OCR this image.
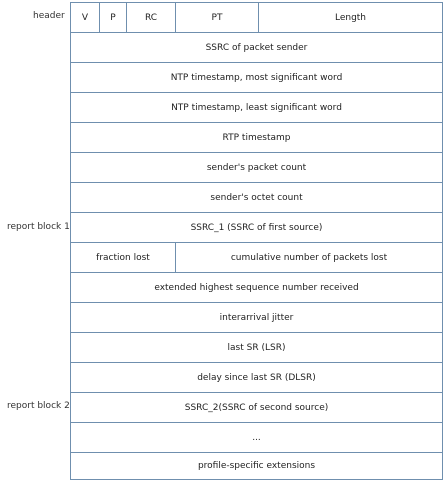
header
report block 1
report block 2
V	P	RC	PT	Length
SSRC of packet sender
NTP timestamp, most significant word
NTP timestamp, least significant word
RTP timestamp
sender's packet count
sender's octet count
SSRC_1 (SSRC of first source)
fraction lost	cumulative number of packets lost
extended highest sequence number received
interarrival jitter
last SR (LSR)
delay since last SR (DLSR)
SSRC_2(SSRC of second source)
...
profile-specific extensions
